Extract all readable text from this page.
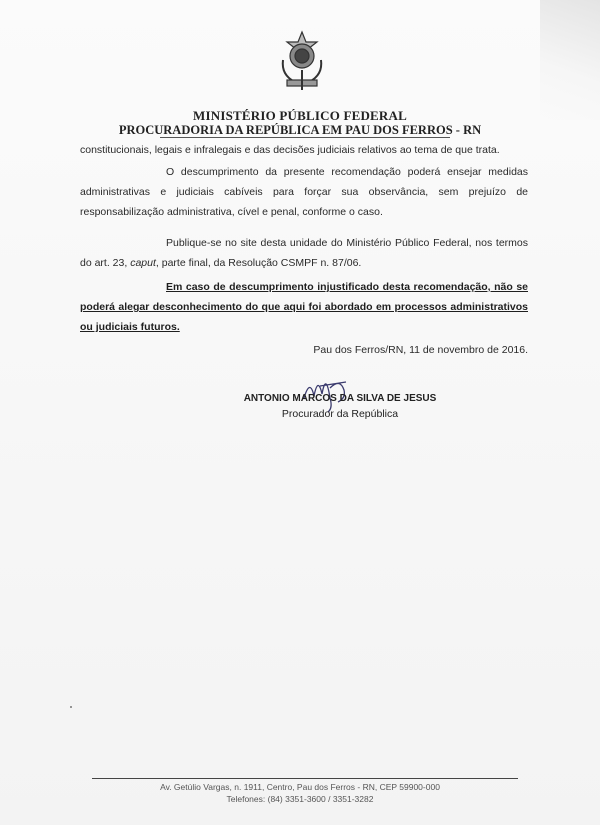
MINISTÉRIO PÚBLICO FEDERAL
PROCURADORIA DA REPÚBLICA EM PAU DOS FERROS - RN
constitucionais, legais e infralegais e das decisões judiciais relativos ao tema de que trata.
O descumprimento da presente recomendação poderá ensejar medidas administrativas e judiciais cabíveis para forçar sua observância, sem prejuízo de responsabilização administrativa, cível e penal, conforme o caso.
Publique-se no site desta unidade do Ministério Público Federal, nos termos do art. 23, caput, parte final, da Resolução CSMPF n. 87/06.
Em caso de descumprimento injustificado desta recomendação, não se poderá alegar desconhecimento do que aqui foi abordado em processos administrativos ou judiciais futuros.
Pau dos Ferros/RN, 11 de novembro de 2016.
ANTONIO MARCOS DA SILVA DE JESUS
Procurador da República
Av. Getúlio Vargas, n. 1911, Centro, Pau dos Ferros - RN, CEP 59900-000
Telefones: (84) 3351-3600 / 3351-3282
